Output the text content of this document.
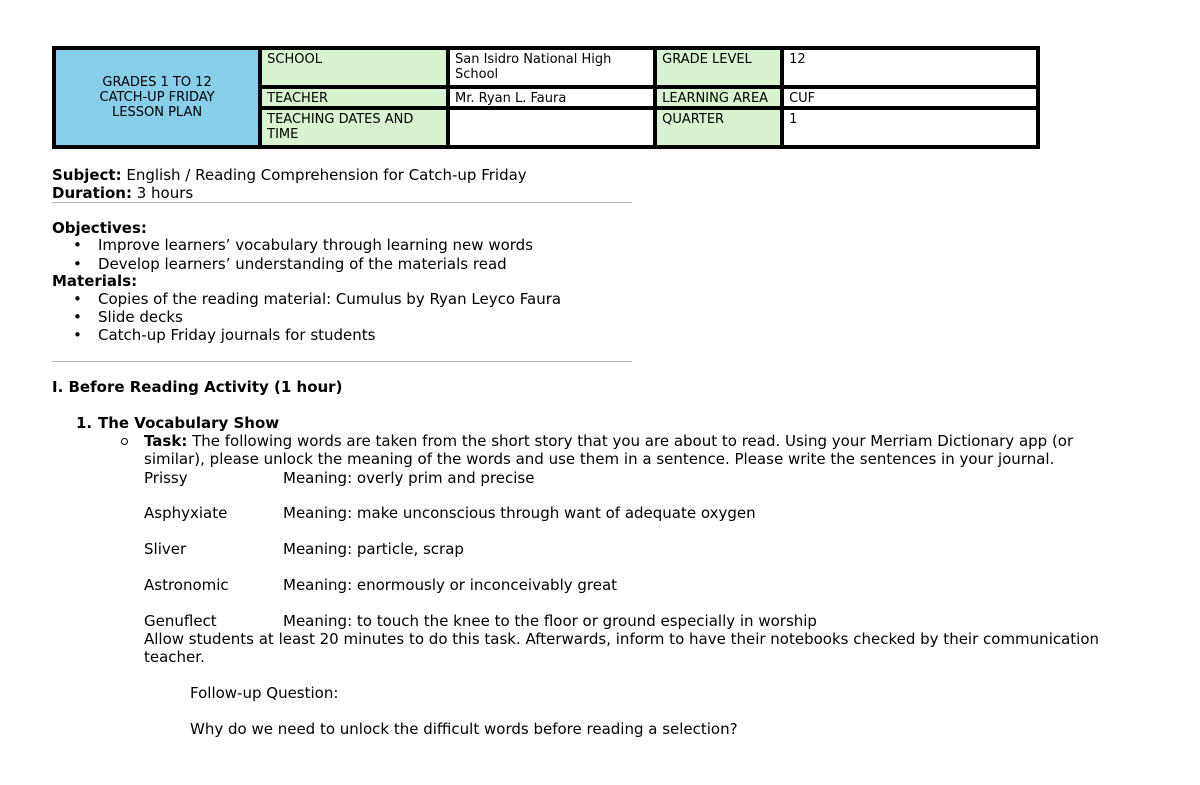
GRADES 1 TO 12
CATCH-UP FRIDAY
LESSON PLAN	SCHOOL	San Isidro National High School	GRADE LEVEL	12
	TEACHER	Mr. Ryan L. Faura	LEARNING AREA	CUF
	TEACHING DATES AND TIME		QUARTER	1
Subject: English / Reading Comprehension for Catch-up Friday
Duration: 3 hours
Objectives:
• Improve learners’ vocabulary through learning new words
• Develop learners’ understanding of the materials read
Materials:
• Copies of the reading material: Cumulus by Ryan Leyco Faura
• Slide decks
• Catch-up Friday journals for students
I. Before Reading Activity (1 hour)
1. The Vocabulary Show
Task: The following words are taken from the short story that you are about to read. Using your Merriam Dictionary app (or similar), please unlock the meaning of the words and use them in a sentence. Please write the sentences in your journal.
Prissy	Meaning: overly prim and precise
Asphyxiate	Meaning: make unconscious through want of adequate oxygen
Sliver	Meaning: particle, scrap
Astronomic	Meaning: enormously or inconceivably great
Genuflect	Meaning: to touch the knee to the floor or ground especially in worship
Allow students at least 20 minutes to do this task. Afterwards, inform to have their notebooks checked by their communication teacher.
Follow-up Question:
Why do we need to unlock the difficult words before reading a selection?
